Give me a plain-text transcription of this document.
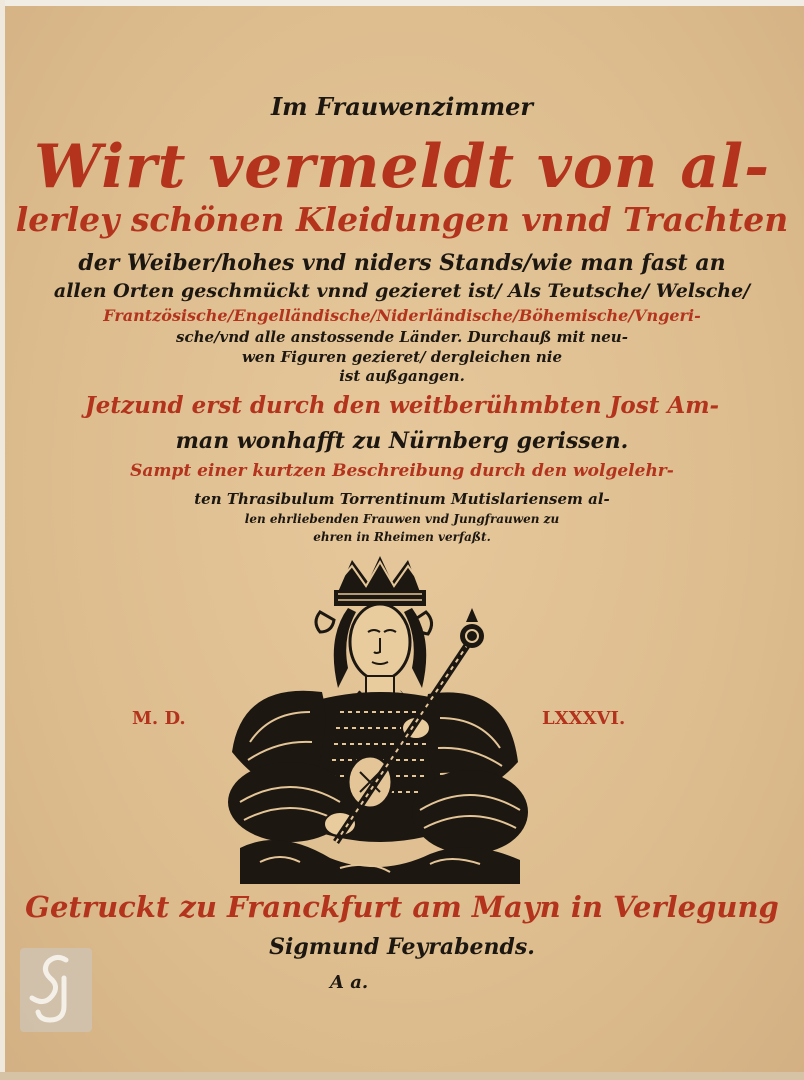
Im Frauwenzimmer
Wirt vermeldt von al-
lerley schönen Kleidungen vnnd Trachten
der Weiber/hohes vnd niders Stands/wie man fast an
allen Orten geschmückt vnnd gezieret ist/ Als Teutsche/ Welsche/
Frantzösische/Engelländische/Niderländische/Böhemische/Vngeri-
sche/vnd alle anstossende Länder. Durchauß mit neu-
wen Figuren gezieret/ dergleichen nie
ist außgangen.
Jetzund erst durch den weitberühmbten Jost Am-
man wonhafft zu Nürnberg gerissen.
Sampt einer kurtzen Beschreibung durch den wolgelehr-
ten Thrasibulum Torrentinum Mutislariensem al-
len ehrliebenden Frauwen vnd Jungfrauwen zu
ehren in Rheimen verfaßt.
M. D.	LXXXVI.
Getruckt zu Franckfurt am Mayn in Verlegung
Sigmund Feyrabends.
A a.
